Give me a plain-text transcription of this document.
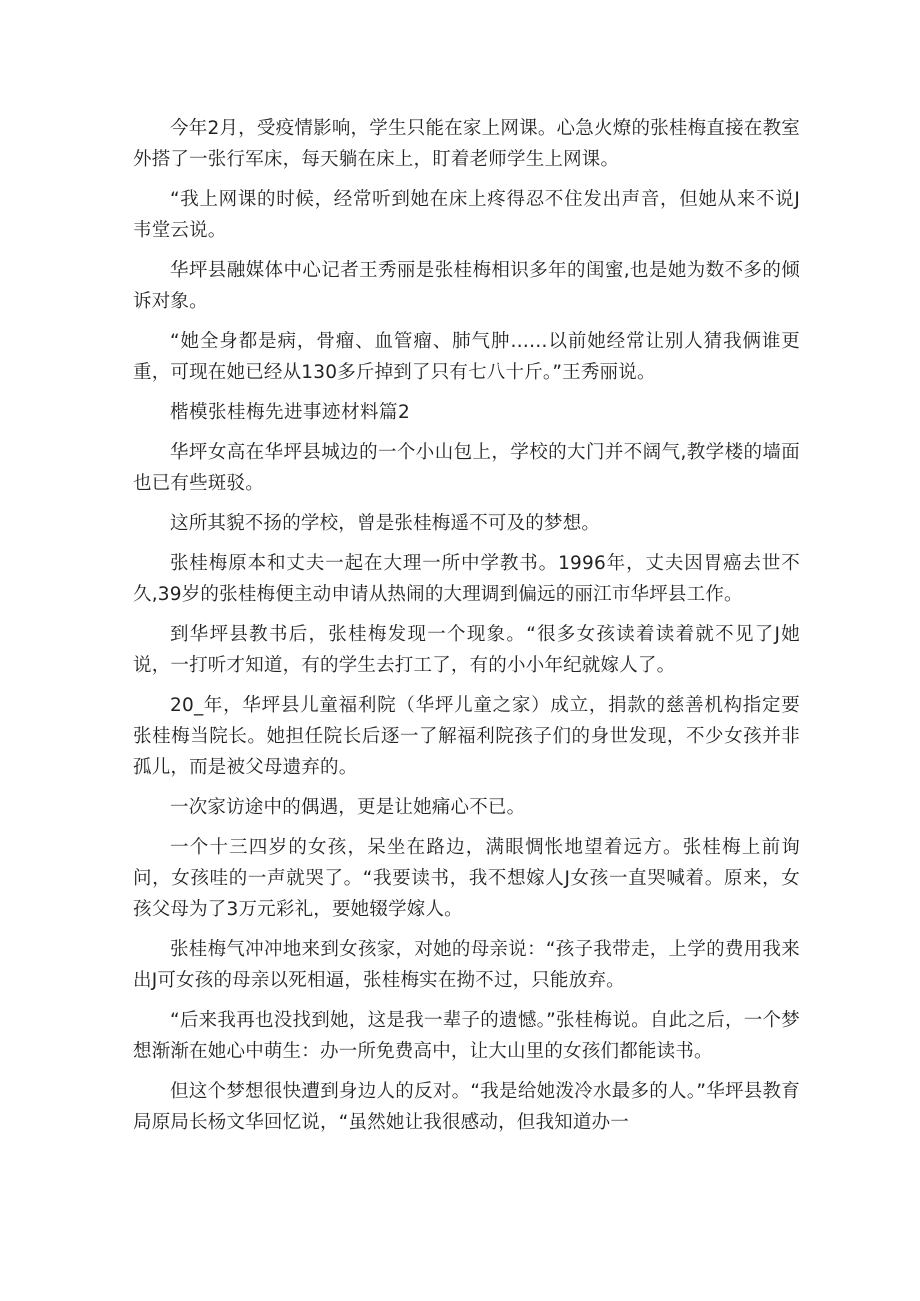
今年2月，受疫情影响，学生只能在家上网课。心急火燎的张桂梅直接在教室外搭了一张行军床，每天躺在床上，盯着老师学生上网课。

“我上网课的时候，经常听到她在床上疼得忍不住发出声音，但她从来不说J韦堂云说。

华坪县融媒体中心记者王秀丽是张桂梅相识多年的闺蜜,也是她为数不多的倾诉对象。

“她全身都是病，骨瘤、血管瘤、肺气肿……以前她经常让别人猜我俩谁更重，可现在她已经从130多斤掉到了只有七八十斤。”王秀丽说。

楷模张桂梅先进事迹材料篇2

华坪女高在华坪县城边的一个小山包上，学校的大门并不阔气,教学楼的墙面也已有些斑驳。

这所其貌不扬的学校，曾是张桂梅遥不可及的梦想。

张桂梅原本和丈夫一起在大理一所中学教书。1996年，丈夫因胃癌去世不久,39岁的张桂梅便主动申请从热闹的大理调到偏远的丽江市华坪县工作。

到华坪县教书后，张桂梅发现一个现象。“很多女孩读着读着就不见了J她说，一打听才知道，有的学生去打工了，有的小小年纪就嫁人了。

20_年，华坪县儿童福利院（华坪儿童之家）成立，捐款的慈善机构指定要张桂梅当院长。她担任院长后逐一了解福利院孩子们的身世发现，不少女孩并非孤儿，而是被父母遗弃的。

一次家访途中的偶遇，更是让她痛心不已。

一个十三四岁的女孩，呆坐在路边，满眼惆怅地望着远方。张桂梅上前询问，女孩哇的一声就哭了。“我要读书，我不想嫁人J女孩一直哭喊着。原来，女孩父母为了3万元彩礼，要她辍学嫁人。

张桂梅气冲冲地来到女孩家，对她的母亲说：“孩子我带走，上学的费用我来出J可女孩的母亲以死相逼，张桂梅实在拗不过，只能放弃。

“后来我再也没找到她，这是我一辈子的遗憾。”张桂梅说。自此之后，一个梦想渐渐在她心中萌生：办一所免费高中，让大山里的女孩们都能读书。

但这个梦想很快遭到身边人的反对。“我是给她泼冷水最多的人。”华坪县教育局原局长杨文华回忆说，“虽然她让我很感动，但我知道办一
